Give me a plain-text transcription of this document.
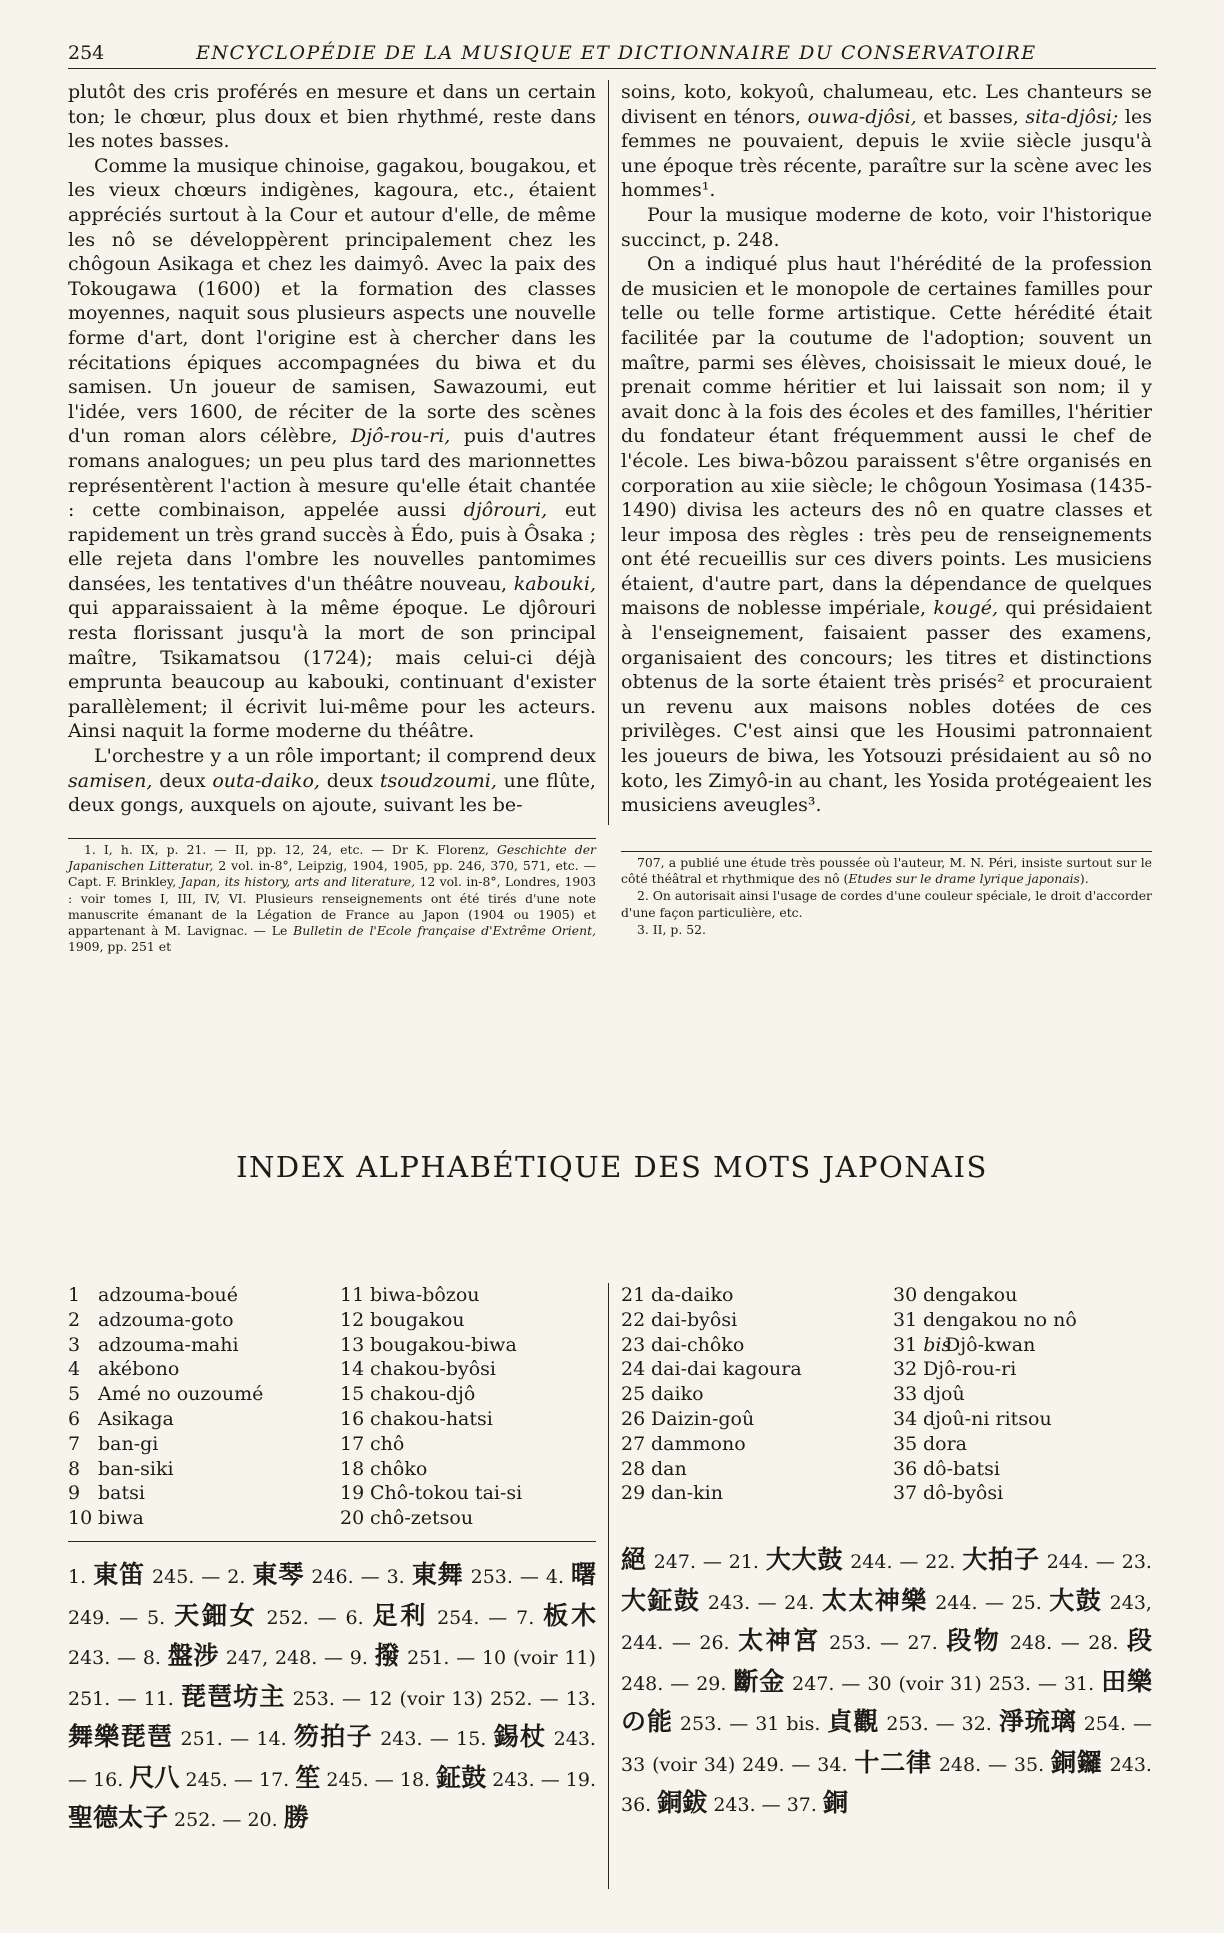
254	ENCYCLOPÉDIE DE LA MUSIQUE ET DICTIONNAIRE DU CONSERVATOIRE

plutôt des cris proférés en mesure et dans un certain ton; le chœur, plus doux et bien rhythmé, reste dans les notes basses.

Comme la musique chinoise, gagakou, bougakou, et les vieux chœurs indigènes, kagoura, etc., étaient appréciés surtout à la Cour et autour d'elle, de même les nô se développèrent principalement chez les chôgoun Asikaga et chez les daimyô. Avec la paix des Tokougawa (1600) et la formation des classes moyennes, naquit sous plusieurs aspects une nouvelle forme d'art, dont l'origine est à chercher dans les récitations épiques accompagnées du biwa et du samisen. Un joueur de samisen, Sawazoumi, eut l'idée, vers 1600, de réciter de la sorte des scènes d'un roman alors célèbre, Djô-rou-ri, puis d'autres romans analogues; un peu plus tard des marionnettes représentèrent l'action à mesure qu'elle était chantée : cette combinaison, appelée aussi djôrouri, eut rapidement un très grand succès à Édo, puis à Ôsaka ; elle rejeta dans l'ombre les nouvelles pantomimes dansées, les tentatives d'un théâtre nouveau, kabouki, qui apparaissaient à la même époque. Le djôrouri resta florissant jusqu'à la mort de son principal maître, Tsikamatsou (1724); mais celui-ci déjà emprunta beaucoup au kabouki, continuant d'exister parallèlement; il écrivit lui-même pour les acteurs. Ainsi naquit la forme moderne du théâtre.

L'orchestre y a un rôle important; il comprend deux samisen, deux outa-daiko, deux tsoudzoumi, une flûte, deux gongs, auxquels on ajoute, suivant les be-

soins, koto, kokyoû, chalumeau, etc. Les chanteurs se divisent en ténors, ouwa-djôsi, et basses, sita-djôsi; les femmes ne pouvaient, depuis le xviie siècle jusqu'à une époque très récente, paraître sur la scène avec les hommes¹.

Pour la musique moderne de koto, voir l'historique succinct, p. 248.

On a indiqué plus haut l'hérédité de la profession de musicien et le monopole de certaines familles pour telle ou telle forme artistique. Cette hérédité était facilitée par la coutume de l'adoption; souvent un maître, parmi ses élèves, choisissait le mieux doué, le prenait comme héritier et lui laissait son nom; il y avait donc à la fois des écoles et des familles, l'héritier du fondateur étant fréquemment aussi le chef de l'école. Les biwa-bôzou paraissent s'être organisés en corporation au xiie siècle; le chôgoun Yosimasa (1435-1490) divisa les acteurs des nô en quatre classes et leur imposa des règles : très peu de renseignements ont été recueillis sur ces divers points. Les musiciens étaient, d'autre part, dans la dépendance de quelques maisons de noblesse impériale, kougé, qui présidaient à l'enseignement, faisaient passer des examens, organisaient des concours; les titres et distinctions obtenus de la sorte étaient très prisés² et procuraient un revenu aux maisons nobles dotées de ces privilèges. C'est ainsi que les Housimi patronnaient les joueurs de biwa, les Yotsouzi présidaient au sô no koto, les Zimyô-in au chant, les Yosida protégeaient les musiciens aveugles³.

1. I, h. IX, p. 21. — II, pp. 12, 24, etc. — Dr K. Florenz, Geschichte der Japanischen Litteratur, 2 vol. in-8°, Leipzig, 1904, 1905, pp. 246, 370, 571, etc. — Capt. F. Brinkley, Japan, its history, arts and literature, 12 vol. in-8°, Londres, 1903 : voir tomes I, III, IV, VI. Plusieurs renseignements ont été tirés d'une note manuscrite émanant de la Légation de France au Japon (1904 ou 1905) et appartenant à M. Lavignac. — Le Bulletin de l'Ecole française d'Extrême Orient, 1909, pp. 251 et

707, a publié une étude très poussée où l'auteur, M. N. Péri, insiste surtout sur le côté théâtral et rhythmique des nô (Etudes sur le drame lyrique japonais).

2. On autorisait ainsi l'usage de cordes d'une couleur spéciale, le droit d'accorder d'une façon particulière, etc.

3. II, p. 52.

INDEX ALPHABÉTIQUE DES MOTS JAPONAIS
1 adzouma-boué
2 adzouma-goto
3 adzouma-mahi
4 akébono
5 Amé no ouzoumé
6 Asikaga
7 ban-gi
8 ban-siki
9 batsi
10 biwa
11 biwa-bôzou
12 bougakou
13 bougakou-biwa
14 chakou-byôsi
15 chakou-djô
16 chakou-hatsi
17 chô
18 chôko
19 Chô-tokou tai-si
20 chô-zetsou
21 da-daiko
22 dai-byôsi
23 dai-chôko
24 dai-dai kagoura
25 daiko
26 Daizin-goû
27 dammono
28 dan
29 dan-kin
30 dengakou
31 dengakou no nô
31 bisDjô-kwan
32 Djô-rou-ri
33 djoû
34 djoû-ni ritsou
35 dora
36 dô-batsi
37 dô-byôsi
1. 東笛 245. — 2. 東琴 246. — 3. 東舞 253. — 4. 曙 249. — 5. 天鈿女 252. — 6. 足利 254. — 7. 板木 243. — 8. 盤涉 247, 248. — 9. 撥 251. — 10 (voir 11) 251. — 11. 琵琶坊主 253. — 12 (voir 13) 252. — 13. 舞樂琵琶 251. — 14. 笏拍子 243. — 15. 錫杖 243. — 16. 尺八 245. — 17. 笙 245. — 18. 鉦鼓 243. — 19. 聖德太子 252. — 20. 勝
絕 247. — 21. 大大鼓 244. — 22. 大拍子 244. — 23. 大鉦鼓 243. — 24. 太太神樂 244. — 25. 大鼓 243, 244. — 26. 太神宮 253. — 27. 段物 248. — 28. 段 248. — 29. 斷金 247. — 30 (voir 31) 253. — 31. 田樂の能 253. — 31 bis. 貞觀 253. — 32. 淨琉璃 254. — 33 (voir 34) 249. — 34. 十二律 248. — 35. 銅鑼 243. 36. 銅鈸 243. — 37. 銅
